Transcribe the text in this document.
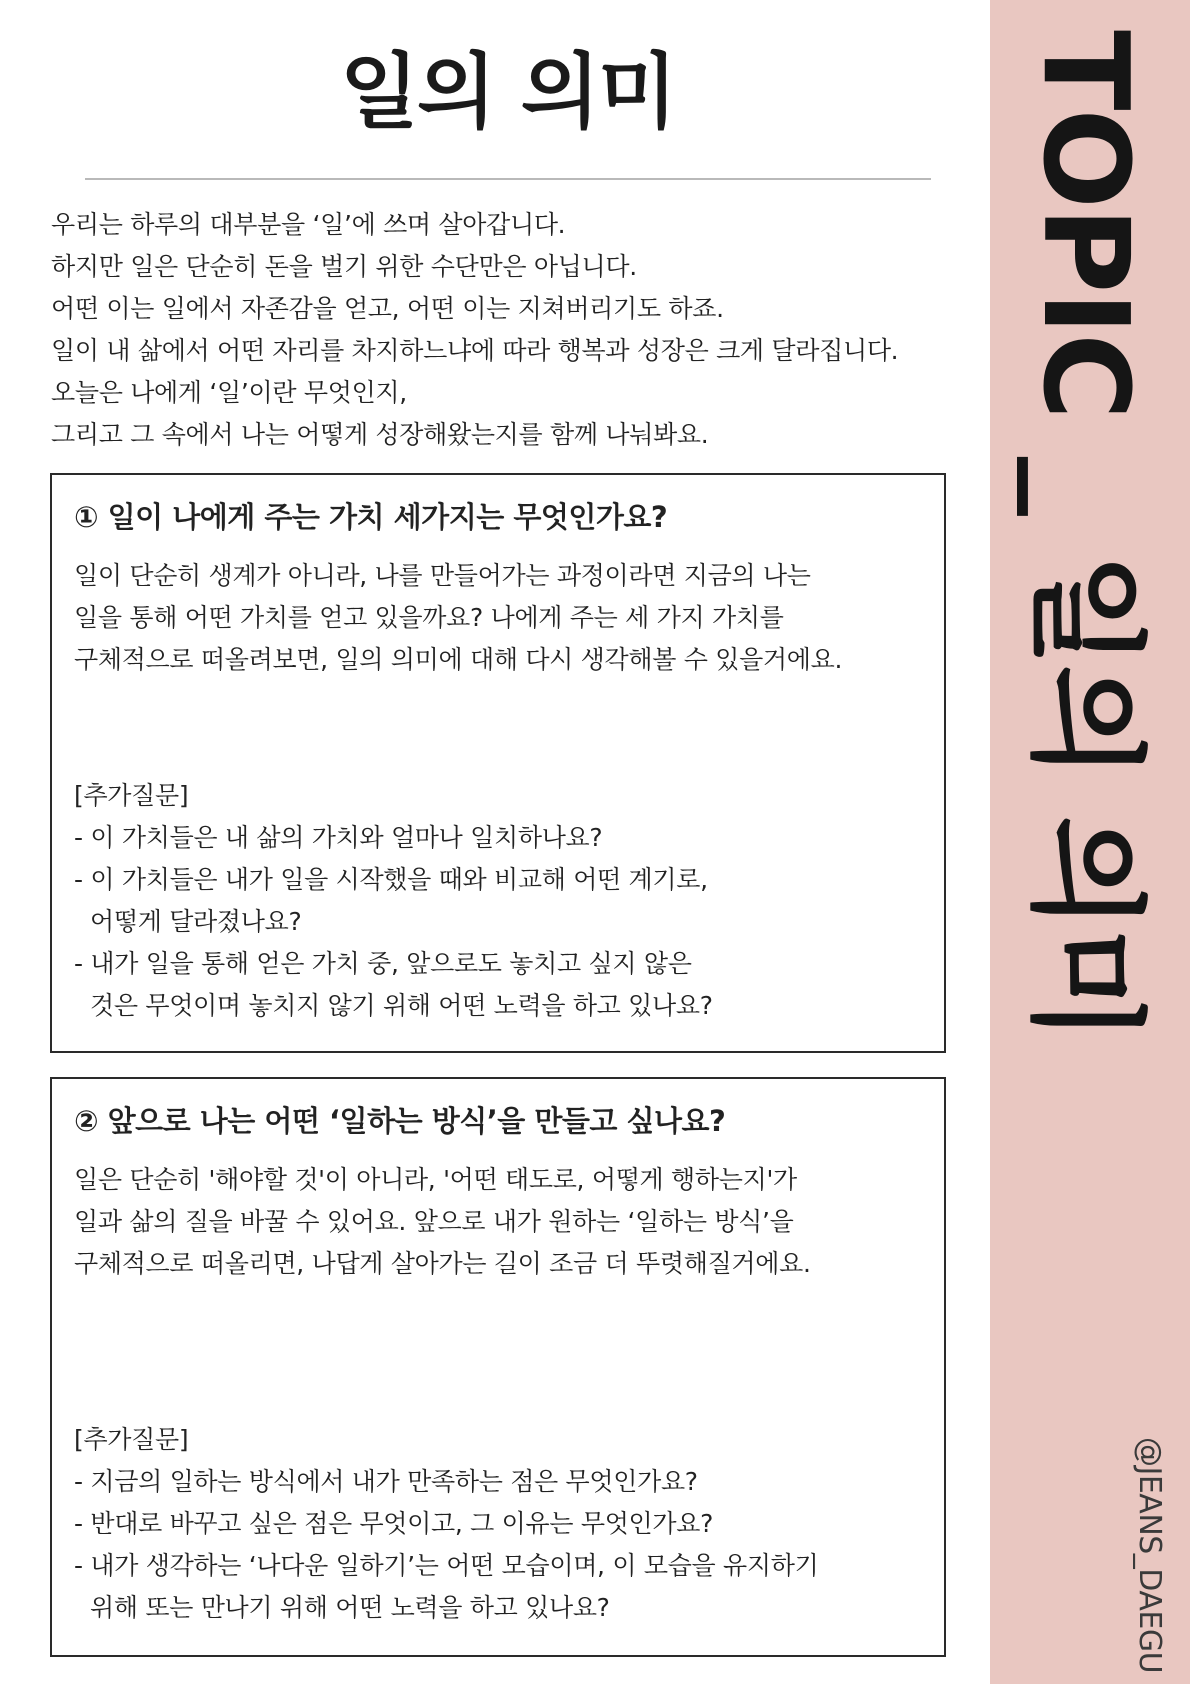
일의 의미
우리는 하루의 대부분을 ‘일’에 쓰며 살아갑니다.
하지만 일은 단순히 돈을 벌기 위한 수단만은 아닙니다.
어떤 이는 일에서 자존감을 얻고, 어떤 이는 지쳐버리기도 하죠.
일이 내 삶에서 어떤 자리를 차지하느냐에 따라 행복과 성장은 크게 달라집니다.
오늘은 나에게 ‘일’이란 무엇인지,
그리고 그 속에서 나는 어떻게 성장해왔는지를 함께 나눠봐요.
① 일이 나에게 주는 가치 세가지는 무엇인가요?
일이 단순히 생계가 아니라, 나를 만들어가는 과정이라면 지금의 나는
일을 통해 어떤 가치를 얻고 있을까요? 나에게 주는 세 가지 가치를
구체적으로 떠올려보면, 일의 의미에 대해 다시 생각해볼 수 있을거에요.
[추가질문]
- 이 가치들은 내 삶의 가치와 얼마나 일치하나요?
- 이 가치들은 내가 일을 시작했을 때와 비교해 어떤 계기로,
어떻게 달라졌나요?
- 내가 일을 통해 얻은 가치 중, 앞으로도 놓치고 싶지 않은
것은 무엇이며 놓치지 않기 위해 어떤 노력을 하고 있나요?
② 앞으로 나는 어떤 ‘일하는 방식’을 만들고 싶나요?
일은 단순히 '해야할 것'이 아니라, '어떤 태도로, 어떻게 행하는지'가
일과 삶의 질을 바꿀 수 있어요. 앞으로 내가 원하는 ‘일하는 방식’을
구체적으로 떠올리면, 나답게 살아가는 길이 조금 더 뚜렷해질거에요.
[추가질문]
- 지금의 일하는 방식에서 내가 만족하는 점은 무엇인가요?
- 반대로 바꾸고 싶은 점은 무엇이고, 그 이유는 무엇인가요?
- 내가 생각하는 ‘나다운 일하기’는 어떤 모습이며, 이 모습을 유지하기
위해 또는 만나기 위해 어떤 노력을 하고 있나요?
TOPIC _ 일의 의미
@JEANS_DAEGU
